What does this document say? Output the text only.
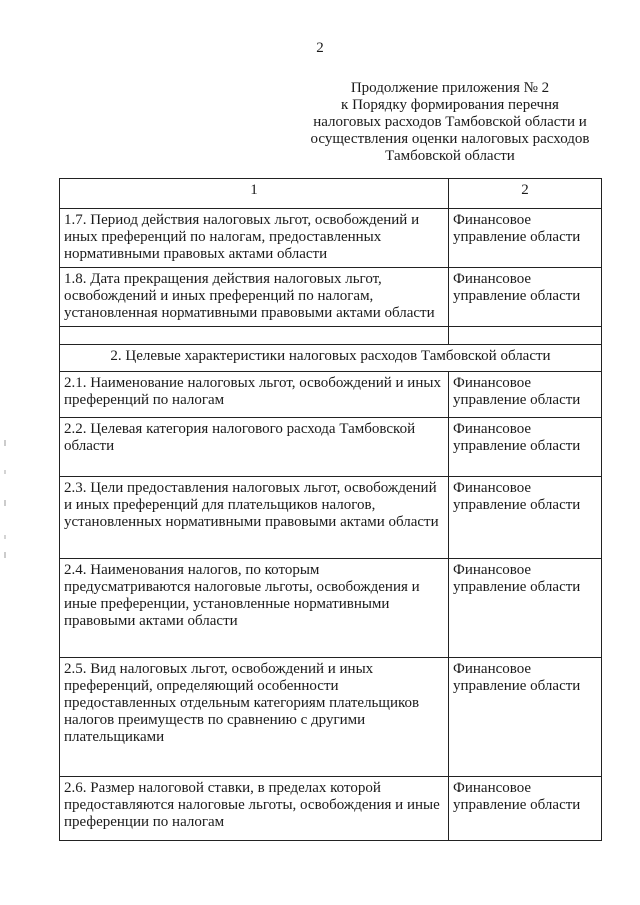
2
Продолжение приложения № 2
к Порядку формирования перечня
налоговых расходов Тамбовской области и
осуществления оценки налоговых расходов
Тамбовской области
1	2
1.7. Период действия налоговых льгот, освобождений и иных преференций по налогам, предоставленных нормативными правовых актами области	Финансовое управление области
1.8. Дата прекращения действия налоговых льгот, освобождений и иных преференций по налогам, установленная нормативными правовыми актами области	Финансовое управление области

2. Целевые характеристики налоговых расходов Тамбовской области	
2.1. Наименование налоговых льгот, освобождений и иных преференций по налогам	Финансовое управление области
2.2. Целевая категория налогового расхода Тамбовской области	Финансовое управление области
2.3. Цели предоставления налоговых льгот, освобождений и иных преференций для плательщиков налогов, установленных нормативными правовыми актами области	Финансовое управление области
2.4. Наименования налогов, по которым предусматриваются налоговые льготы, освобождения и иные преференции, установленные нормативными правовыми актами области	Финансовое управление области
2.5. Вид налоговых льгот, освобождений и иных преференций, определяющий особенности предоставленных отдельным категориям плательщиков налогов преимуществ по сравнению с другими плательщиками	Финансовое управление области
2.6. Размер налоговой ставки, в пределах которой предоставляются налоговые льготы, освобождения и иные преференции по налогам	Финансовое управление области
